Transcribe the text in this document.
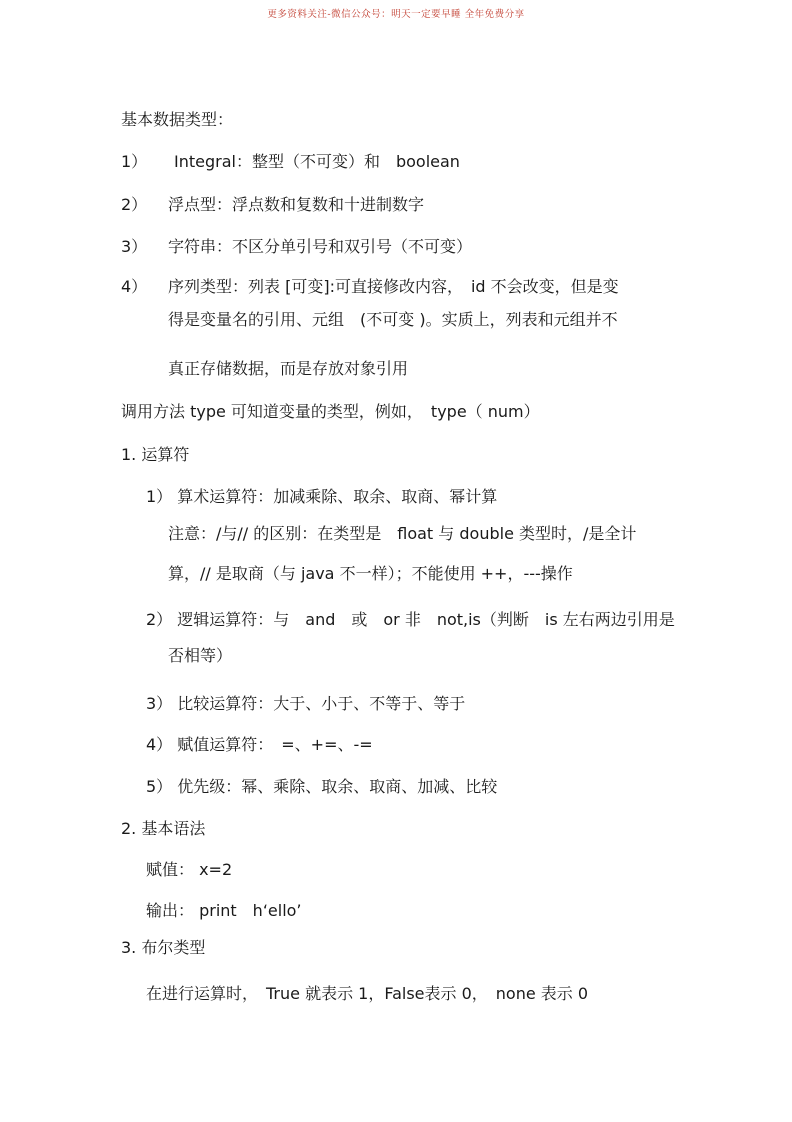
更多资料关注-微信公众号：明天一定要早睡 全年免费分享
基本数据类型：
1） Integral：整型（不可变）和　boolean
2） 浮点型：浮点数和复数和十进制数字
3） 字符串：不区分单引号和双引号（不可变）
4） 序列类型：列表 [可变]:可直接修改内容，　id 不会改变，但是变
得是变量名的引用、元组　(不可变 )。实质上，列表和元组并不
真正存储数据，而是存放对象引用
调用方法 type 可知道变量的类型，例如，　type（ num）
1. 运算符
1） 算术运算符：加减乘除、取余、取商、幂计算
注意：/与// 的区别：在类型是　float 与 double 类型时，/是全计
算，// 是取商（与 java 不一样）；不能使用 ++，---操作
2） 逻辑运算符：与　and　或　or 非　not,is（判断　is 左右两边引用是
否相等）
3） 比较运算符：大于、小于、不等于、等于
4） 赋值运算符：　=、+=、-=
5） 优先级：幂、乘除、取余、取商、加减、比较
2. 基本语法
赋值： x=2
输出： print　h‘ello’
3. 布尔类型
在进行运算时，　True 就表示 1，False表示 0，　none 表示 0
